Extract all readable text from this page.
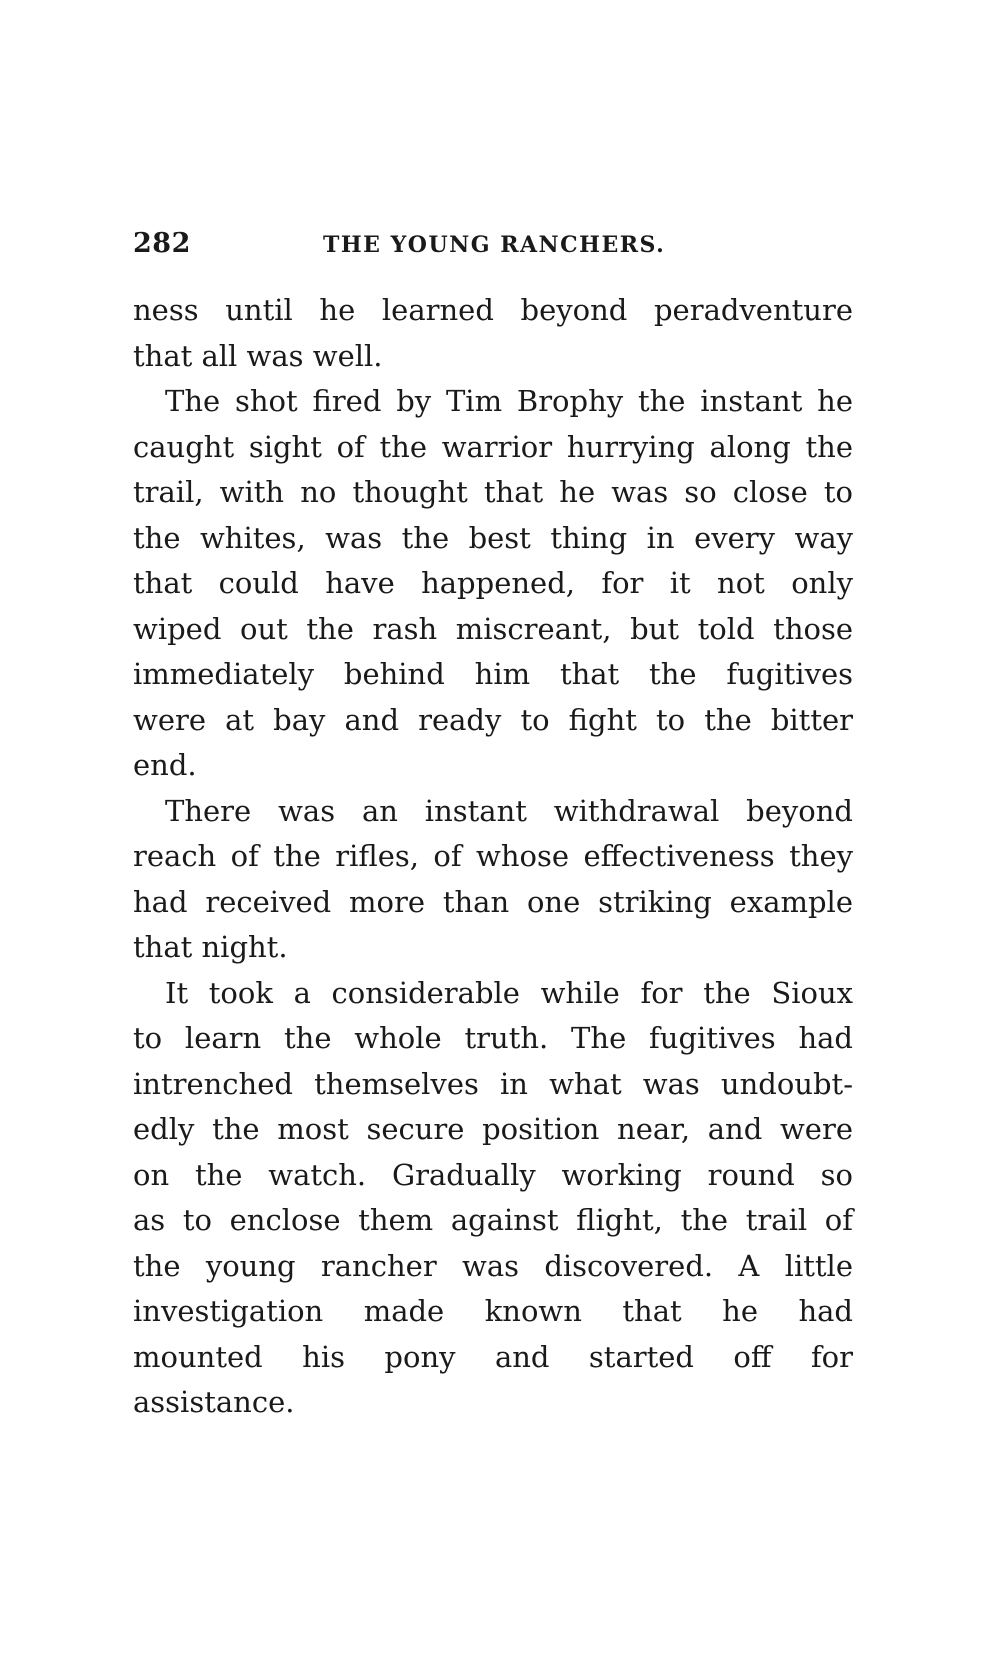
282	THE YOUNG RANCHERS.
ness until he learned beyond peradventure
that all was well.
The shot fired by Tim Brophy the instant he
caught sight of the warrior hurrying along the
trail, with no thought that he was so close to
the whites, was the best thing in every way
that could have happened, for it not only
wiped out the rash miscreant, but told those
immediately behind him that the fugitives
were at bay and ready to fight to the bitter
end.
There was an instant withdrawal beyond
reach of the rifles, of whose effectiveness they
had received more than one striking example
that night.
It took a considerable while for the Sioux
to learn the whole truth. The fugitives had
intrenched themselves in what was undoubt-
edly the most secure position near, and were
on the watch. Gradually working round so
as to enclose them against flight, the trail of
the young rancher was discovered. A little
investigation made known that he had
mounted his pony and started off for
assistance.
